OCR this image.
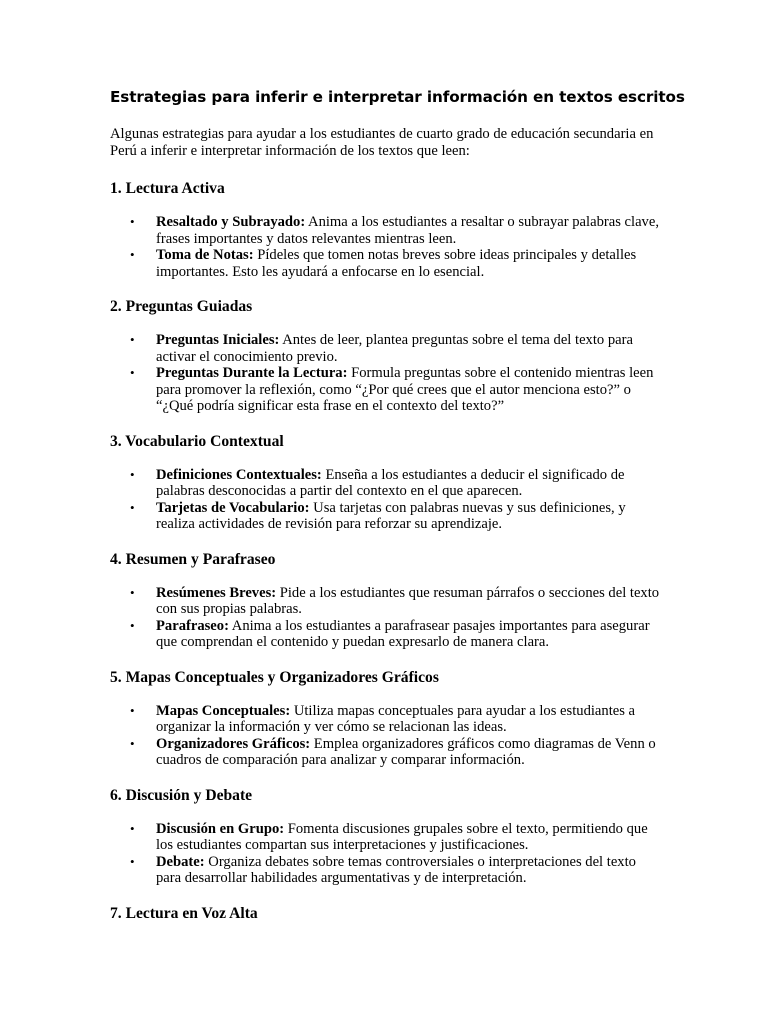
Estrategias para inferir e interpretar información en textos escritos

Algunas estrategias para ayudar a los estudiantes de cuarto grado de educación secundaria en Perú a inferir e interpretar información de los textos que leen:

1. Lectura Activa
• Resaltado y Subrayado: Anima a los estudiantes a resaltar o subrayar palabras clave, frases importantes y datos relevantes mientras leen.
• Toma de Notas: Pídeles que tomen notas breves sobre ideas principales y detalles importantes. Esto les ayudará a enfocarse en lo esencial.
2. Preguntas Guiadas
• Preguntas Iniciales: Antes de leer, plantea preguntas sobre el tema del texto para activar el conocimiento previo.
• Preguntas Durante la Lectura: Formula preguntas sobre el contenido mientras leen para promover la reflexión, como “¿Por qué crees que el autor menciona esto?” o “¿Qué podría significar esta frase en el contexto del texto?”
3. Vocabulario Contextual
• Definiciones Contextuales: Enseña a los estudiantes a deducir el significado de palabras desconocidas a partir del contexto en el que aparecen.
• Tarjetas de Vocabulario: Usa tarjetas con palabras nuevas y sus definiciones, y realiza actividades de revisión para reforzar su aprendizaje.
4. Resumen y Parafraseo
• Resúmenes Breves: Pide a los estudiantes que resuman párrafos o secciones del texto con sus propias palabras.
• Parafraseo: Anima a los estudiantes a parafrasear pasajes importantes para asegurar que comprendan el contenido y puedan expresarlo de manera clara.
5. Mapas Conceptuales y Organizadores Gráficos
• Mapas Conceptuales: Utiliza mapas conceptuales para ayudar a los estudiantes a organizar la información y ver cómo se relacionan las ideas.
• Organizadores Gráficos: Emplea organizadores gráficos como diagramas de Venn o cuadros de comparación para analizar y comparar información.
6. Discusión y Debate
• Discusión en Grupo: Fomenta discusiones grupales sobre el texto, permitiendo que los estudiantes compartan sus interpretaciones y justificaciones.
• Debate: Organiza debates sobre temas controversiales o interpretaciones del texto para desarrollar habilidades argumentativas y de interpretación.
7. Lectura en Voz Alta
